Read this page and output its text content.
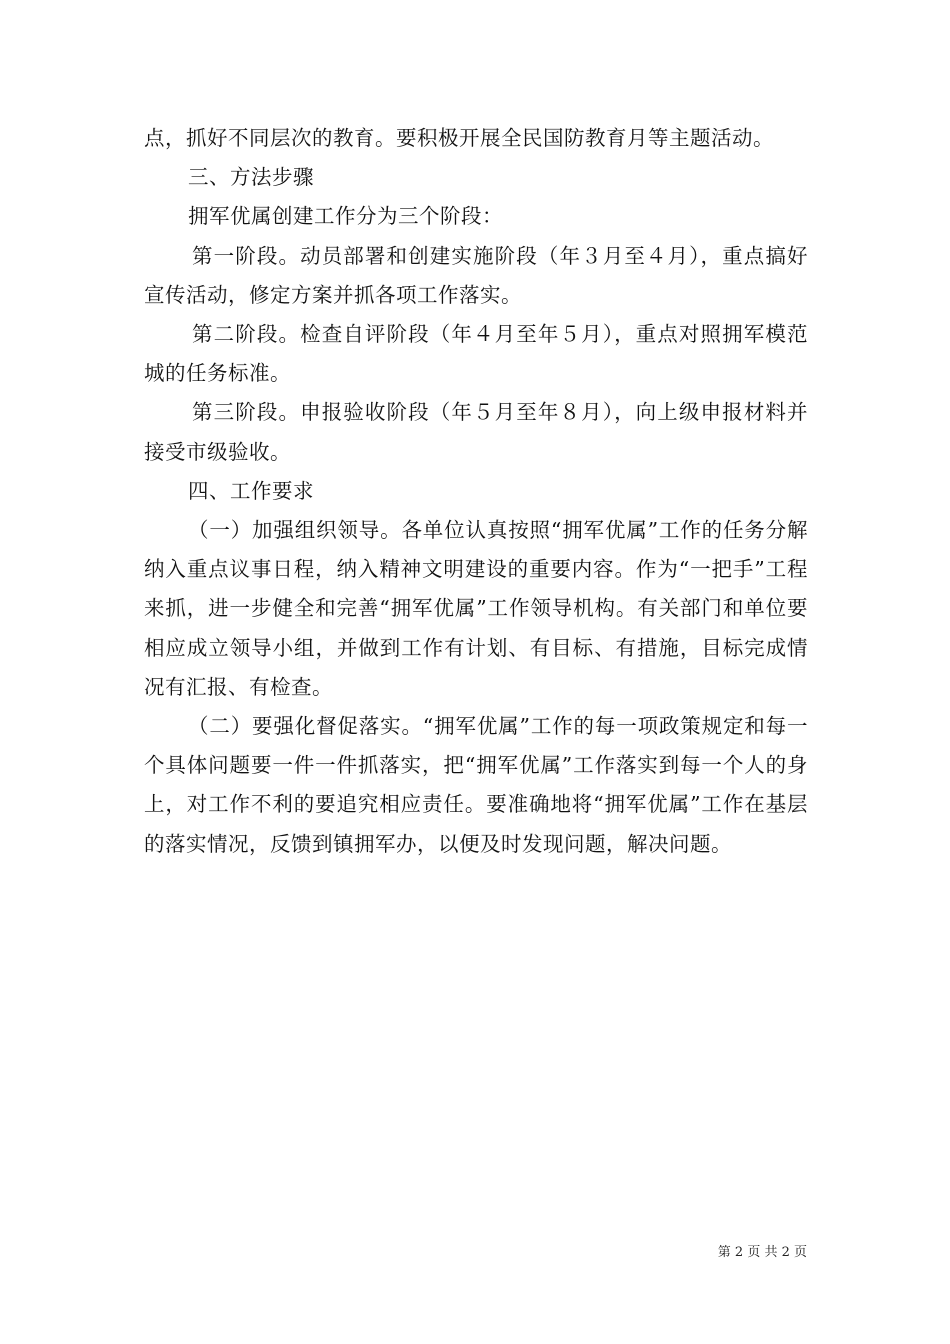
点，抓好不同层次的教育。要积极开展全民国防教育月等主题活动。

三、方法步骤

拥军优属创建工作分为三个阶段：

第一阶段。动员部署和创建实施阶段（年３月至４月），重点搞好宣传活动，修定方案并抓各项工作落实。

第二阶段。检查自评阶段（年４月至年５月），重点对照拥军模范城的任务标准。

第三阶段。申报验收阶段（年５月至年８月），向上级申报材料并接受市级验收。

四、工作要求

（一）加强组织领导。各单位认真按照“拥军优属”工作的任务分解纳入重点议事日程，纳入精神文明建设的重要内容。作为“一把手”工程来抓，进一步健全和完善“拥军优属”工作领导机构。有关部门和单位要相应成立领导小组，并做到工作有计划、有目标、有措施，目标完成情况有汇报、有检查。

（二）要强化督促落实。“拥军优属”工作的每一项政策规定和每一个具体问题要一件一件抓落实，把“拥军优属”工作落实到每一个人的身上，对工作不利的要追究相应责任。要准确地将“拥军优属”工作在基层的落实情况，反馈到镇拥军办，以便及时发现问题，解决问题。

第 2 页 共 2 页
